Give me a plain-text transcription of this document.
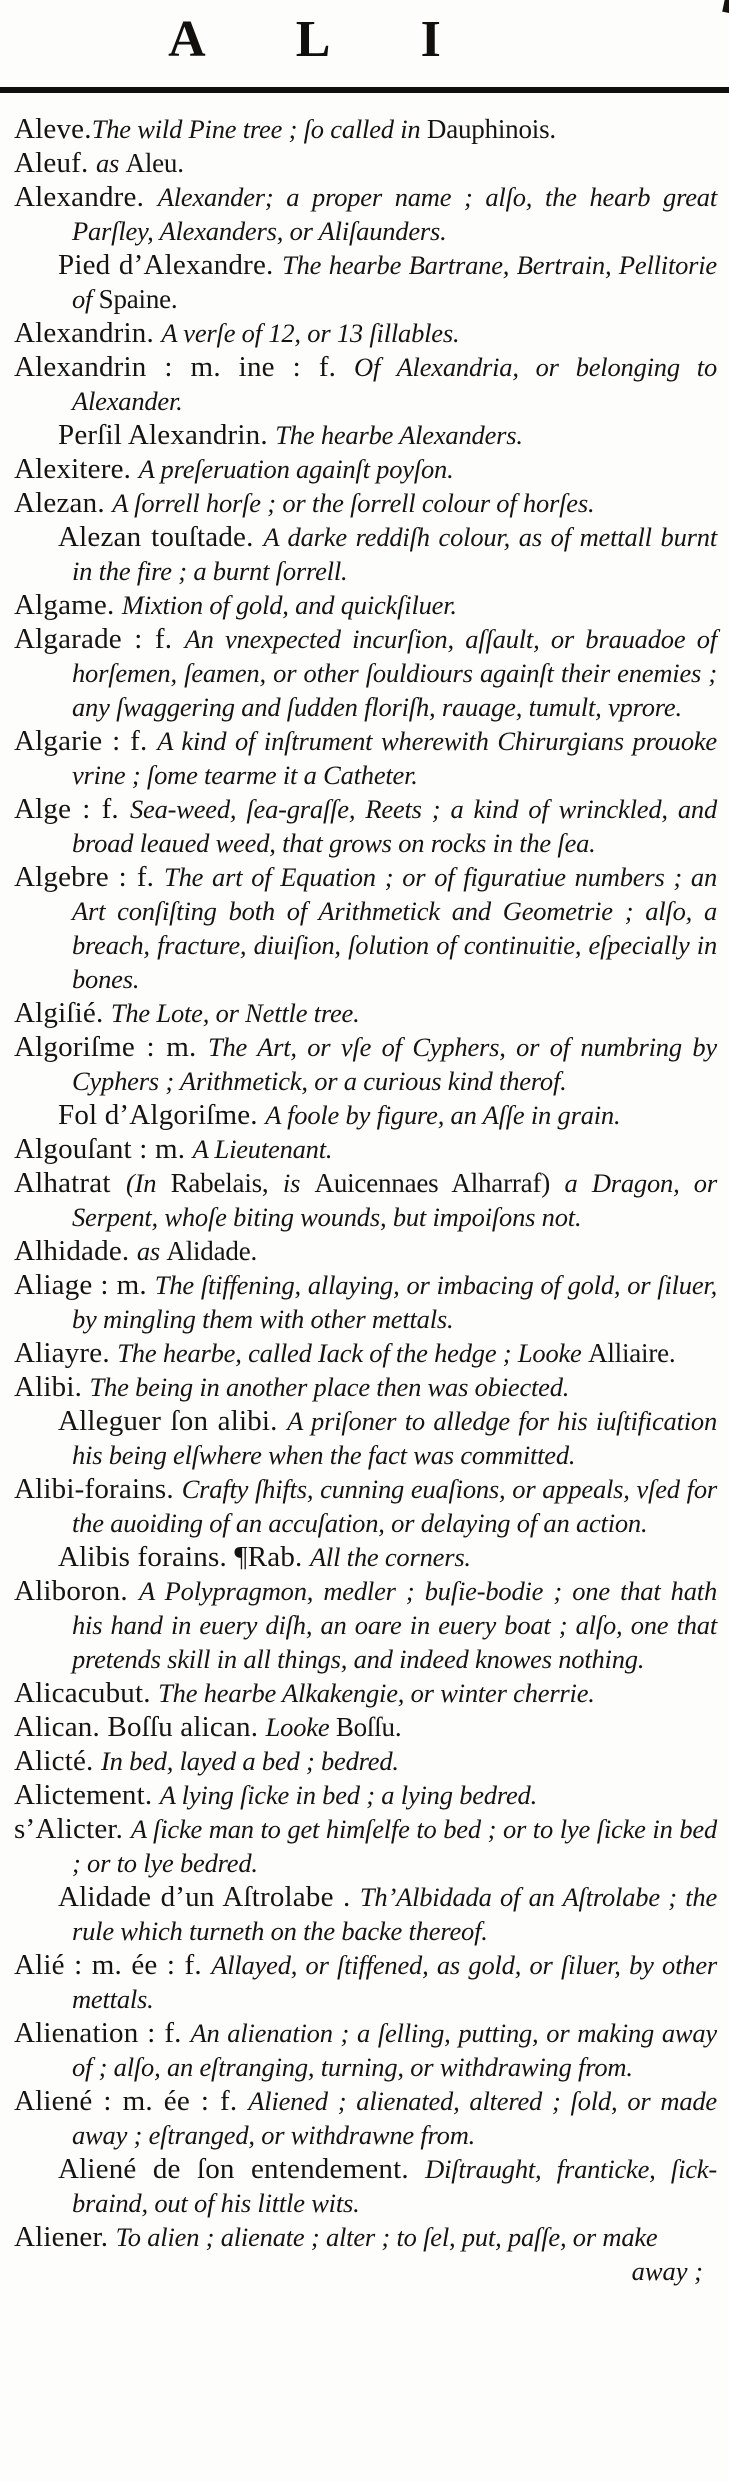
A L I

Aleve.The wild Pine tree ; ſo called in Dauphinois.

Aleuf. as Aleu.

Alexandre. Alexander; a proper name ; alſo, the hearb great Parſley, Alexanders, or Aliſaunders.

Pied d’Alexandre. The hearbe Bartrane, Bertrain, Pellitorie of Spaine.

Alexandrin. A verſe of 12, or 13 ſillables.

Alexandrin : m. ine : f. Of Alexandria, or belonging to Alexander.

Perſil Alexandrin. The hearbe Alexanders.

Alexitere. A preſeruation againſt poyſon.

Alezan. A ſorrell horſe ; or the ſorrell colour of horſes.

Alezan touſtade. A darke reddiſh colour, as of mettall burnt in the fire ; a burnt ſorrell.

Algame. Mixtion of gold, and quickſiluer.

Algarade : f. An vnexpected incurſion, aſſault, or brauadoe of horſemen, ſeamen, or other ſouldiours againſt their enemies ; any ſwaggering and ſudden floriſh, rauage, tumult, vprore.

Algarie : f. A kind of inſtrument wherewith Chirurgians prouoke vrine ; ſome tearme it a Catheter.

Alge : f. Sea-weed, ſea-graſſe, Reets ; a kind of wrinckled, and broad leaued weed, that grows on rocks in the ſea.

Algebre : f. The art of Equation ; or of figuratiue numbers ; an Art conſiſting both of Arithmetick and Geometrie ; alſo, a breach, fracture, diuiſion, ſolution of continuitie, eſpecially in bones.

Algiſié. The Lote, or Nettle tree.

Algoriſme : m. The Art, or vſe of Cyphers, or of numbring by Cyphers ; Arithmetick, or a curious kind therof.

Fol d’Algoriſme. A foole by figure, an Aſſe in grain.

Algouſant : m. A Lieutenant.

Alhatrat (In Rabelais, is Auicennaes Alharraf) a Dragon, or Serpent, whoſe biting wounds, but impoiſons not.

Alhidade. as Alidade.

Aliage : m. The ſtiffening, allaying, or imbacing of gold, or ſiluer, by mingling them with other mettals.

Aliayre. The hearbe, called Iack of the hedge ; Looke Alliaire.

Alibi. The being in another place then was obiected.

Alleguer ſon alibi. A priſoner to alledge for his iuſtification his being elſwhere when the fact was committed.

Alibi-forains. Crafty ſhifts, cunning euaſions, or appeals, vſed for the auoiding of an accuſation, or delaying of an action.

Alibis forains. ¶Rab. All the corners.

Aliboron. A Polypragmon, medler ; buſie-bodie ; one that hath his hand in euery diſh, an oare in euery boat ; alſo, one that pretends skill in all things, and indeed knowes nothing.

Alicacubut. The hearbe Alkakengie, or winter cherrie.

Alican. Boſſu alican. Looke Boſſu.

Alicté. In bed, layed a bed ; bedred.

Alictement. A lying ſicke in bed ; a lying bedred.

s’Alicter. A ſicke man to get himſelfe to bed ; or to lye ſicke in bed ; or to lye bedred.

Alidade d’un Aſtrolabe . Th’Albidada of an Aſtrolabe ; the rule which turneth on the backe thereof.

Alié : m. ée : f. Allayed, or ſtiffened, as gold, or ſiluer, by other mettals.

Alienation : f. An alienation ; a ſelling, putting, or making away of ; alſo, an eſtranging, turning, or withdrawing from.

Aliené : m. ée : f. Aliened ; alienated, altered ; ſold, or made away ; eſtranged, or withdrawne from.

Aliené de ſon entendement. Diſtraught, franticke, ſick-braind, out of his little wits.

Aliener. To alien ; alienate ; alter ; to ſel, put, paſſe, or make

away ;
